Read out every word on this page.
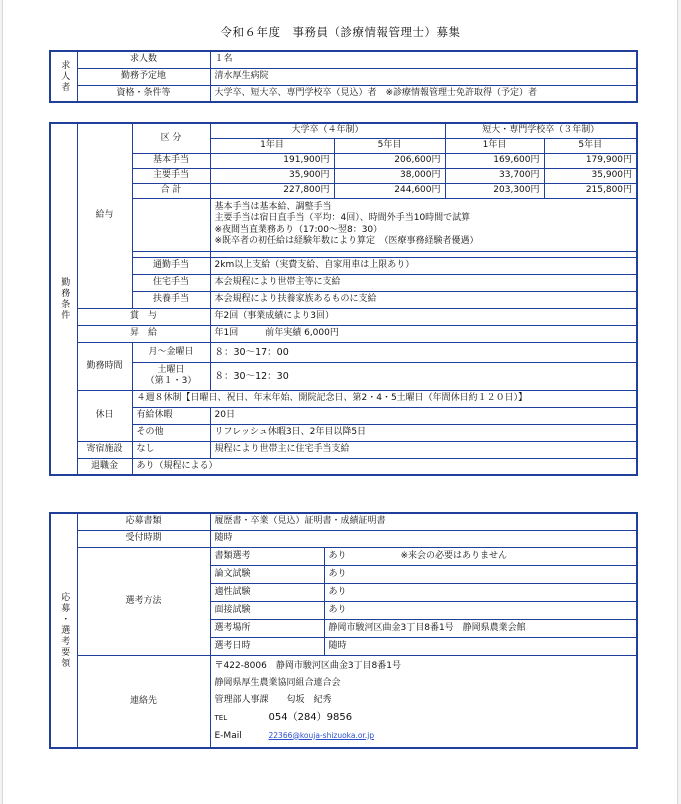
令和６年度　事務員（診療情報管理士）募集
求人者	求人数	１名
	勤務予定地	清水厚生病院
	資格・条件等	大学卒、短大卒、専門学校卒（見込）者　※診療情報管理士免許取得（予定）者
勤務条件	給与	区 分	大学卒（４年制）		短大・専門学校卒（３年制）	
			1年目	5年目	1年目	5年目
		基本手当	191,900円	206,600円	169,600円	179,900円
		主要手当	35,900円	38,000円	33,700円	35,900円
		合 計	227,800円	244,600円	203,300円	215,800円

			基本手当は基本給、調整手当
主要手当は宿日直手当（平均：4回）、時間外手当10時間で試算
※夜間当直業務あり（17:00～翌8：30）
※既卒者の初任給は経験年数により算定　（医療事務経験者優遇）			

		通勤手当	2km以上支給（実費支給、自家用車は上限あり）			
		住宅手当	本会規程により世帯主等に支給			
		扶養手当	本会規程により扶養家族あるものに支給			
	賞　与		年2回（事業成績により3回）			
	昇　給		年1回　　　前年実績 6,000円			
	勤務時間	月～金曜日	８：30～17：00			

		土曜日
（第１・3）	８：30～12：30			
	休日	４週８休制【日曜日、祝日、年末年始、開院記念日、第2・4・5土曜日（年間休日約１２０日）】				
		有給休暇	20日			
		その他	リフレッシュ休暇3日、2年目以降5日			
	寄宿施設	なし	規程により世帯主に住宅手当支給			
	退職金	あり（規程による）				
応募・選考要領	応募書類	履歴書・卒業（見込）証明書・成績証明書	
	受付時期	随時	
	選考方法	書類選考	あり ※来会の必要はありません
		論文試験	あり
		適性試験	あり
		面接試験	あり
		選考場所	静岡市駿河区曲金3丁目8番1号　静岡県農業会館
		選考日時	随時
	連絡先	〒422-8006　静岡市駿河区曲金3丁目8番1号
静岡県厚生農業協同組合連合会
管理部人事課　　匂坂　紀秀
TEL 054（284）9856
E-Mail 22366@kouja-shizuoka.or.jp	
